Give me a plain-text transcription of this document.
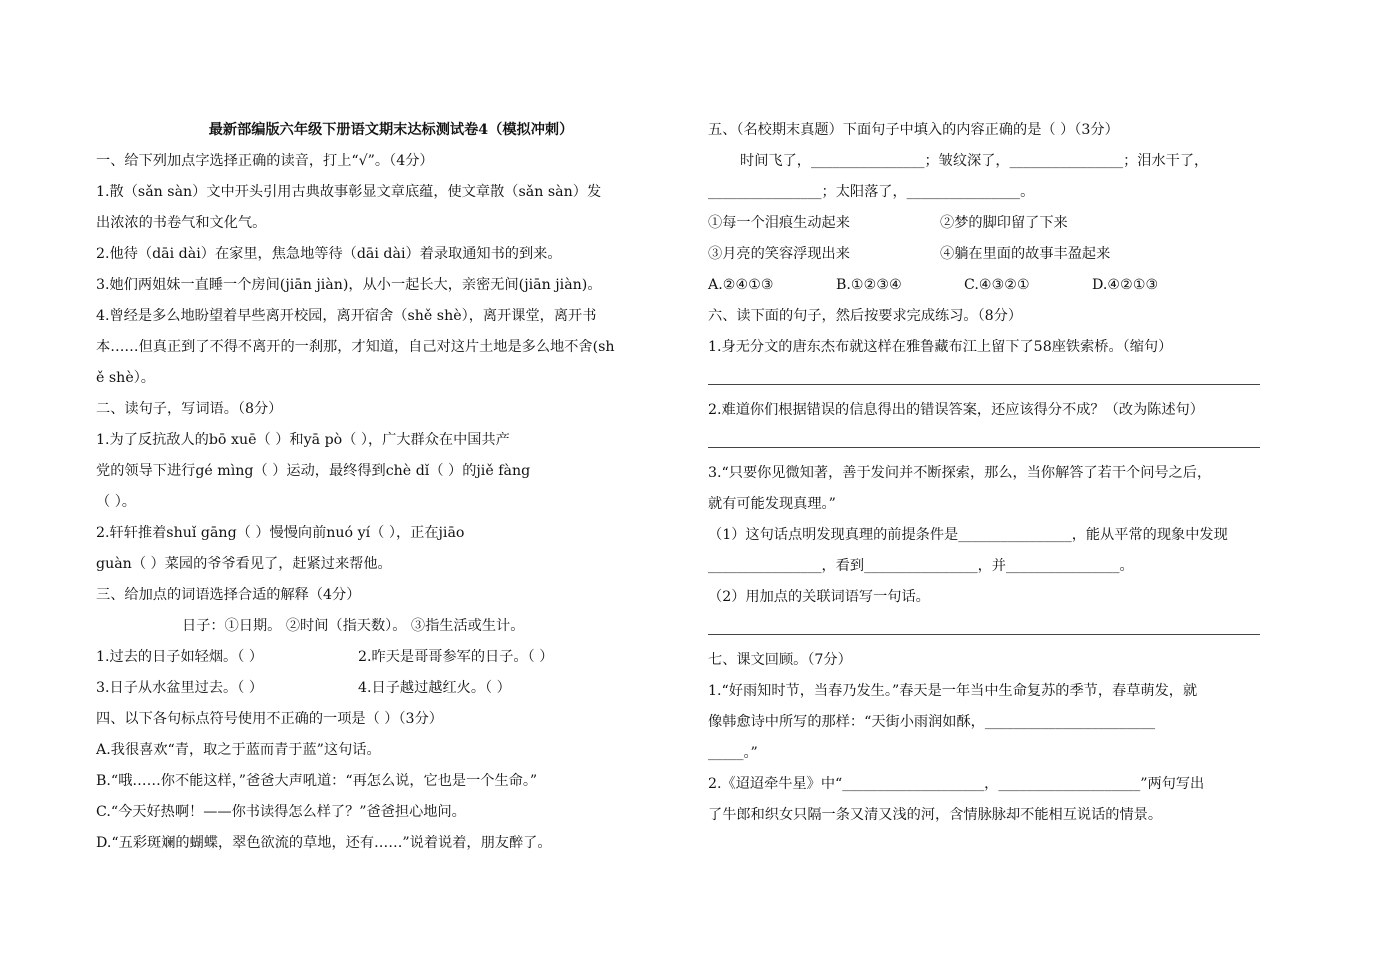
最新部编版六年级下册语文期末达标测试卷4（模拟冲刺）
一、给下列加点字选择正确的读音，打上“√”。（4分）
1.散（sǎn sàn）文中开头引用古典故事彰显文章底蕴，使文章散（sǎn sàn）发
出浓浓的书卷气和文化气。
2.他待（dāi dài）在家里，焦急地等待（dāi dài）着录取通知书的到来。
3.她们两姐妹一直睡一个房间(jiān jiàn)，从小一起长大，亲密无间(jiān jiàn)。
4.曾经是多么地盼望着早些离开校园，离开宿舍（shě shè），离开课堂，离开书
本……但真正到了不得不离开的一刹那，才知道，自己对这片土地是多么地不舍(sh
ě shè）。
二、读句子，写词语。（8分）
1.为了反抗敌人的bō xuē（ ）和yā pò（ ），广大群众在中国共产
党的领导下进行gé mìng（ ）运动，最终得到chè dǐ（ ）的jiě fàng
（ ）。
2.轩轩推着shuǐ gāng（ ）慢慢向前nuó yí（ ），正在jiāo
guàn（ ）菜园的爷爷看见了，赶紧过来帮他。
三、给加点的词语选择合适的解释（4分）
日子：①日期。 ②时间（指天数）。 ③指生活或生计。
1.过去的日子如轻烟。（ ）	2.昨天是哥哥参军的日子。（ ）
3.日子从水盆里过去。（ ）	4.日子越过越红火。（ ）
四、以下各句标点符号使用不正确的一项是（ ）（3分）
A.我很喜欢“青，取之于蓝而青于蓝”这句话。
B.“哦……你不能这样，”爸爸大声吼道：“再怎么说，它也是一个生命。”
C.“今天好热啊！——你书读得怎么样了？”爸爸担心地问。
D.“五彩斑斓的蝴蝶，翠色欲流的草地，还有……”说着说着，朋友醉了。
五、（名校期末真题）下面句子中填入的内容正确的是（ ）（3分）
时间飞了，________________；皱纹深了，________________；泪水干了，
________________；太阳落了，________________。
①每一个泪痕生动起来	②梦的脚印留了下来
③月亮的笑容浮现出来	④躺在里面的故事丰盈起来
A.②④①③	B.①②③④	C.④③②①	D.④②①③
六、读下面的句子，然后按要求完成练习。（8分）
1.身无分文的唐东杰布就这样在雅鲁藏布江上留下了58座铁索桥。（缩句）
2.难道你们根据错误的信息得出的错误答案，还应该得分不成？（改为陈述句）
3.“只要你见微知著，善于发问并不断探索，那么，当你解答了若干个问号之后，
就有可能发现真理。”
（1）这句话点明发现真理的前提条件是________________，能从平常的现象中发现
________________，看到________________，并________________。
（2）用加点的关联词语写一句话。
七、课文回顾。（7分）
1.“好雨知时节，当春乃发生。”春天是一年当中生命复苏的季节，春草萌发，就
像韩愈诗中所写的那样：“天街小雨润如酥，________________________
_____。”
2.《迢迢牵牛星》中“____________________，____________________”两句写出
了牛郎和织女只隔一条又清又浅的河，含情脉脉却不能相互说话的情景。
